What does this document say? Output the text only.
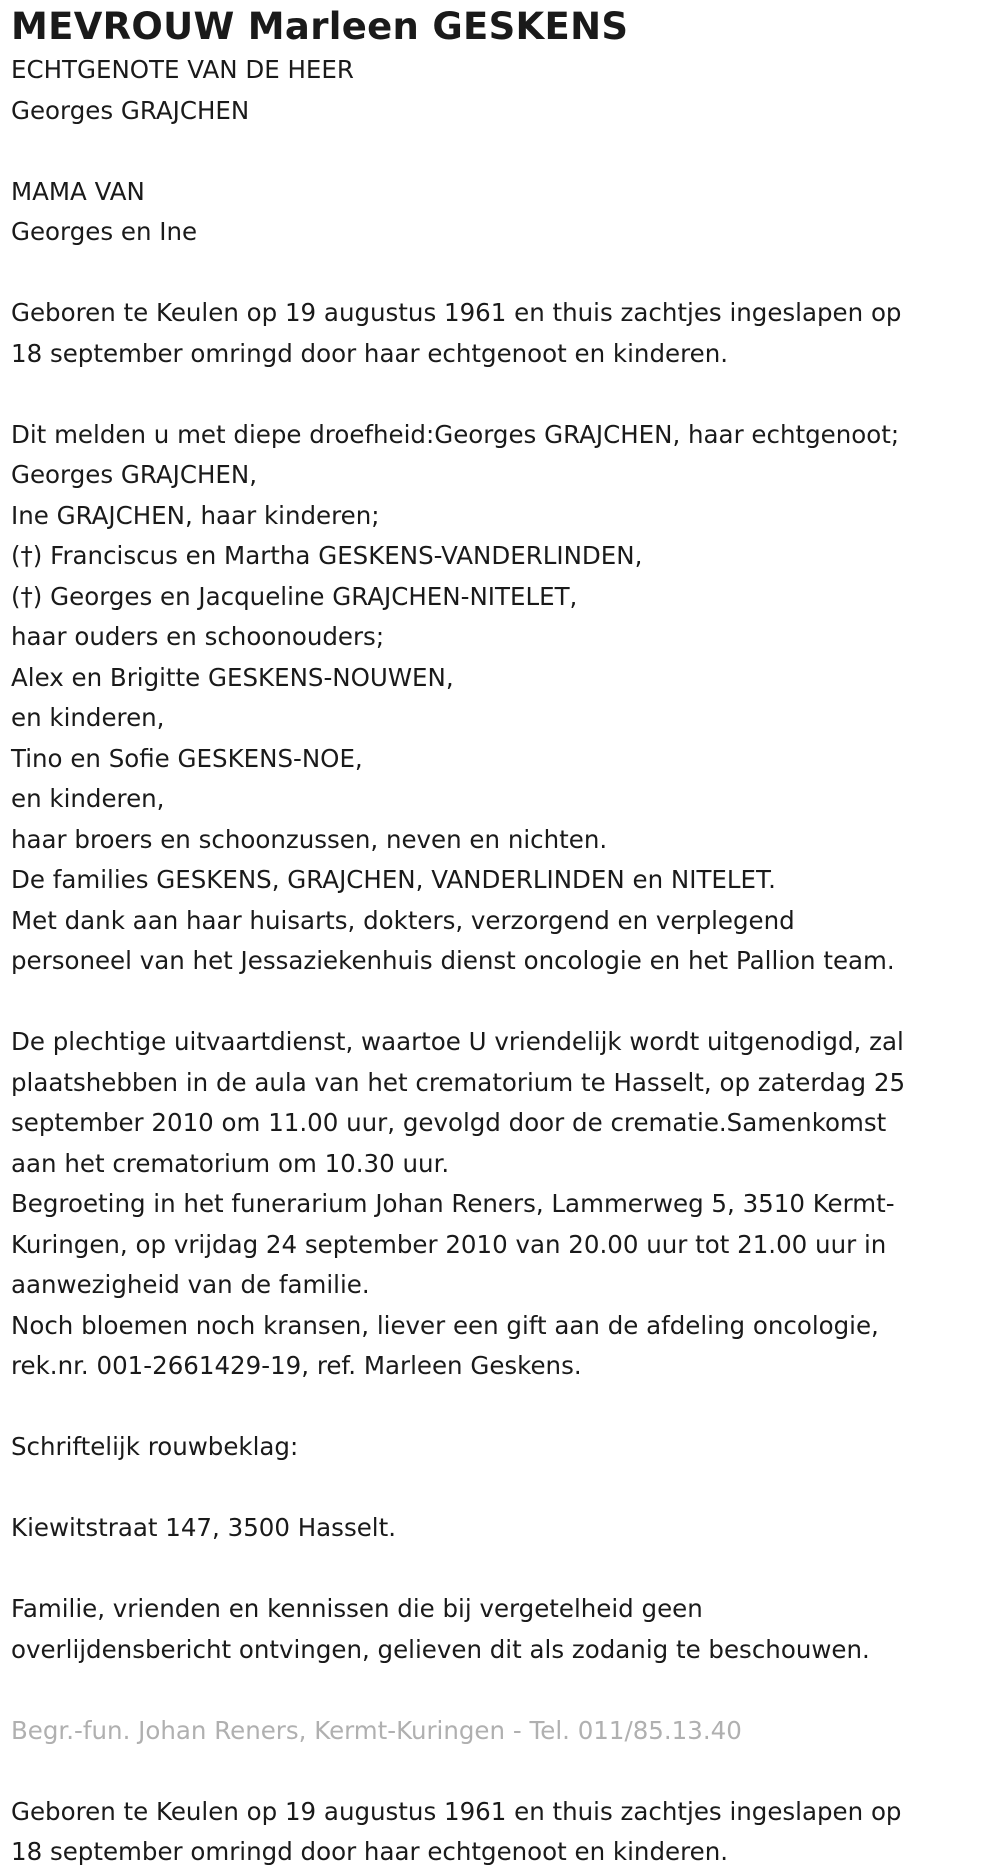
MEVROUW Marleen GESKENS
ECHTGENOTE VAN DE HEER
Georges GRAJCHEN
MAMA VAN
Georges en Ine
Geboren te Keulen op 19 augustus 1961 en thuis zachtjes ingeslapen op
18 september omringd door haar echtgenoot en kinderen.
Dit melden u met diepe droefheid:Georges GRAJCHEN, haar echtgenoot;
Georges GRAJCHEN,
Ine GRAJCHEN, haar kinderen;
(†) Franciscus en Martha GESKENS-VANDERLINDEN,
(†) Georges en Jacqueline GRAJCHEN-NITELET,
haar ouders en schoonouders;
Alex en Brigitte GESKENS-NOUWEN,
en kinderen,
Tino en Sofie GESKENS-NOE,
en kinderen,
haar broers en schoonzussen, neven en nichten.
De families GESKENS, GRAJCHEN, VANDERLINDEN en NITELET.
Met dank aan haar huisarts, dokters, verzorgend en verplegend
personeel van het Jessaziekenhuis dienst oncologie en het Pallion team.
De plechtige uitvaartdienst, waartoe U vriendelijk wordt uitgenodigd, zal
plaatshebben in de aula van het crematorium te Hasselt, op zaterdag 25
september 2010 om 11.00 uur, gevolgd door de crematie.Samenkomst
aan het crematorium om 10.30 uur.
Begroeting in het funerarium Johan Reners, Lammerweg 5, 3510 Kermt-
Kuringen, op vrijdag 24 september 2010 van 20.00 uur tot 21.00 uur in
aanwezigheid van de familie.
Noch bloemen noch kransen, liever een gift aan de afdeling oncologie,
rek.nr. 001-2661429-19, ref. Marleen Geskens.
Schriftelijk rouwbeklag:
Kiewitstraat 147, 3500 Hasselt.
Familie, vrienden en kennissen die bij vergetelheid geen
overlijdensbericht ontvingen, gelieven dit als zodanig te beschouwen.
Begr.-fun. Johan Reners, Kermt-Kuringen - Tel. 011/85.13.40
Geboren te Keulen op 19 augustus 1961 en thuis zachtjes ingeslapen op
18 september omringd door haar echtgenoot en kinderen.
